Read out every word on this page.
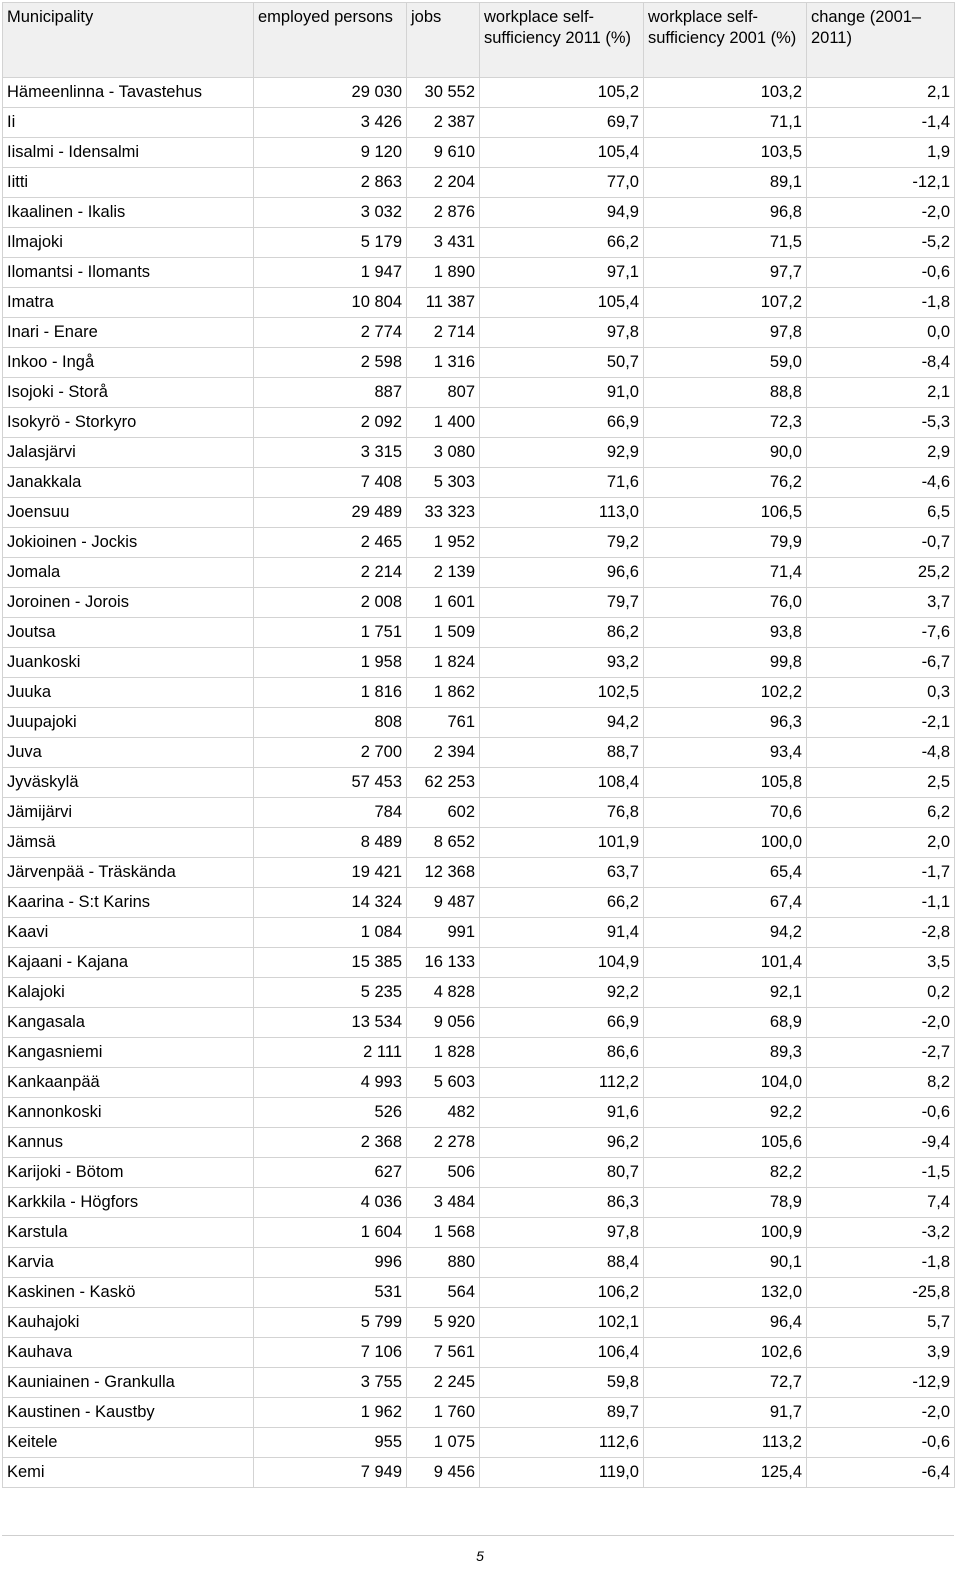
Municipality	employed persons	jobs	workplace self-sufficiency 2011 (%)	workplace self-sufficiency 2001 (%)	change (2001–2011)
Hämeenlinna - Tavastehus	29 030	30 552	105,2	103,2	2,1
Ii	3 426	2 387	69,7	71,1	-1,4
Iisalmi - Idensalmi	9 120	9 610	105,4	103,5	1,9
Iitti	2 863	2 204	77,0	89,1	-12,1
Ikaalinen - Ikalis	3 032	2 876	94,9	96,8	-2,0
Ilmajoki	5 179	3 431	66,2	71,5	-5,2
Ilomantsi - Ilomants	1 947	1 890	97,1	97,7	-0,6
Imatra	10 804	11 387	105,4	107,2	-1,8
Inari - Enare	2 774	2 714	97,8	97,8	0,0
Inkoo - Ingå	2 598	1 316	50,7	59,0	-8,4
Isojoki - Storå	887	807	91,0	88,8	2,1
Isokyrö - Storkyro	2 092	1 400	66,9	72,3	-5,3
Jalasjärvi	3 315	3 080	92,9	90,0	2,9
Janakkala	7 408	5 303	71,6	76,2	-4,6
Joensuu	29 489	33 323	113,0	106,5	6,5
Jokioinen - Jockis	2 465	1 952	79,2	79,9	-0,7
Jomala	2 214	2 139	96,6	71,4	25,2
Joroinen - Jorois	2 008	1 601	79,7	76,0	3,7
Joutsa	1 751	1 509	86,2	93,8	-7,6
Juankoski	1 958	1 824	93,2	99,8	-6,7
Juuka	1 816	1 862	102,5	102,2	0,3
Juupajoki	808	761	94,2	96,3	-2,1
Juva	2 700	2 394	88,7	93,4	-4,8
Jyväskylä	57 453	62 253	108,4	105,8	2,5
Jämijärvi	784	602	76,8	70,6	6,2
Jämsä	8 489	8 652	101,9	100,0	2,0
Järvenpää - Träskända	19 421	12 368	63,7	65,4	-1,7
Kaarina - S:t Karins	14 324	9 487	66,2	67,4	-1,1
Kaavi	1 084	991	91,4	94,2	-2,8
Kajaani - Kajana	15 385	16 133	104,9	101,4	3,5
Kalajoki	5 235	4 828	92,2	92,1	0,2
Kangasala	13 534	9 056	66,9	68,9	-2,0
Kangasniemi	2 111	1 828	86,6	89,3	-2,7
Kankaanpää	4 993	5 603	112,2	104,0	8,2
Kannonkoski	526	482	91,6	92,2	-0,6
Kannus	2 368	2 278	96,2	105,6	-9,4
Karijoki - Bötom	627	506	80,7	82,2	-1,5
Karkkila - Högfors	4 036	3 484	86,3	78,9	7,4
Karstula	1 604	1 568	97,8	100,9	-3,2
Karvia	996	880	88,4	90,1	-1,8
Kaskinen - Kaskö	531	564	106,2	132,0	-25,8
Kauhajoki	5 799	5 920	102,1	96,4	5,7
Kauhava	7 106	7 561	106,4	102,6	3,9
Kauniainen - Grankulla	3 755	2 245	59,8	72,7	-12,9
Kaustinen - Kaustby	1 962	1 760	89,7	91,7	-2,0
Keitele	955	1 075	112,6	113,2	-0,6
Kemi	7 949	9 456	119,0	125,4	-6,4
5
